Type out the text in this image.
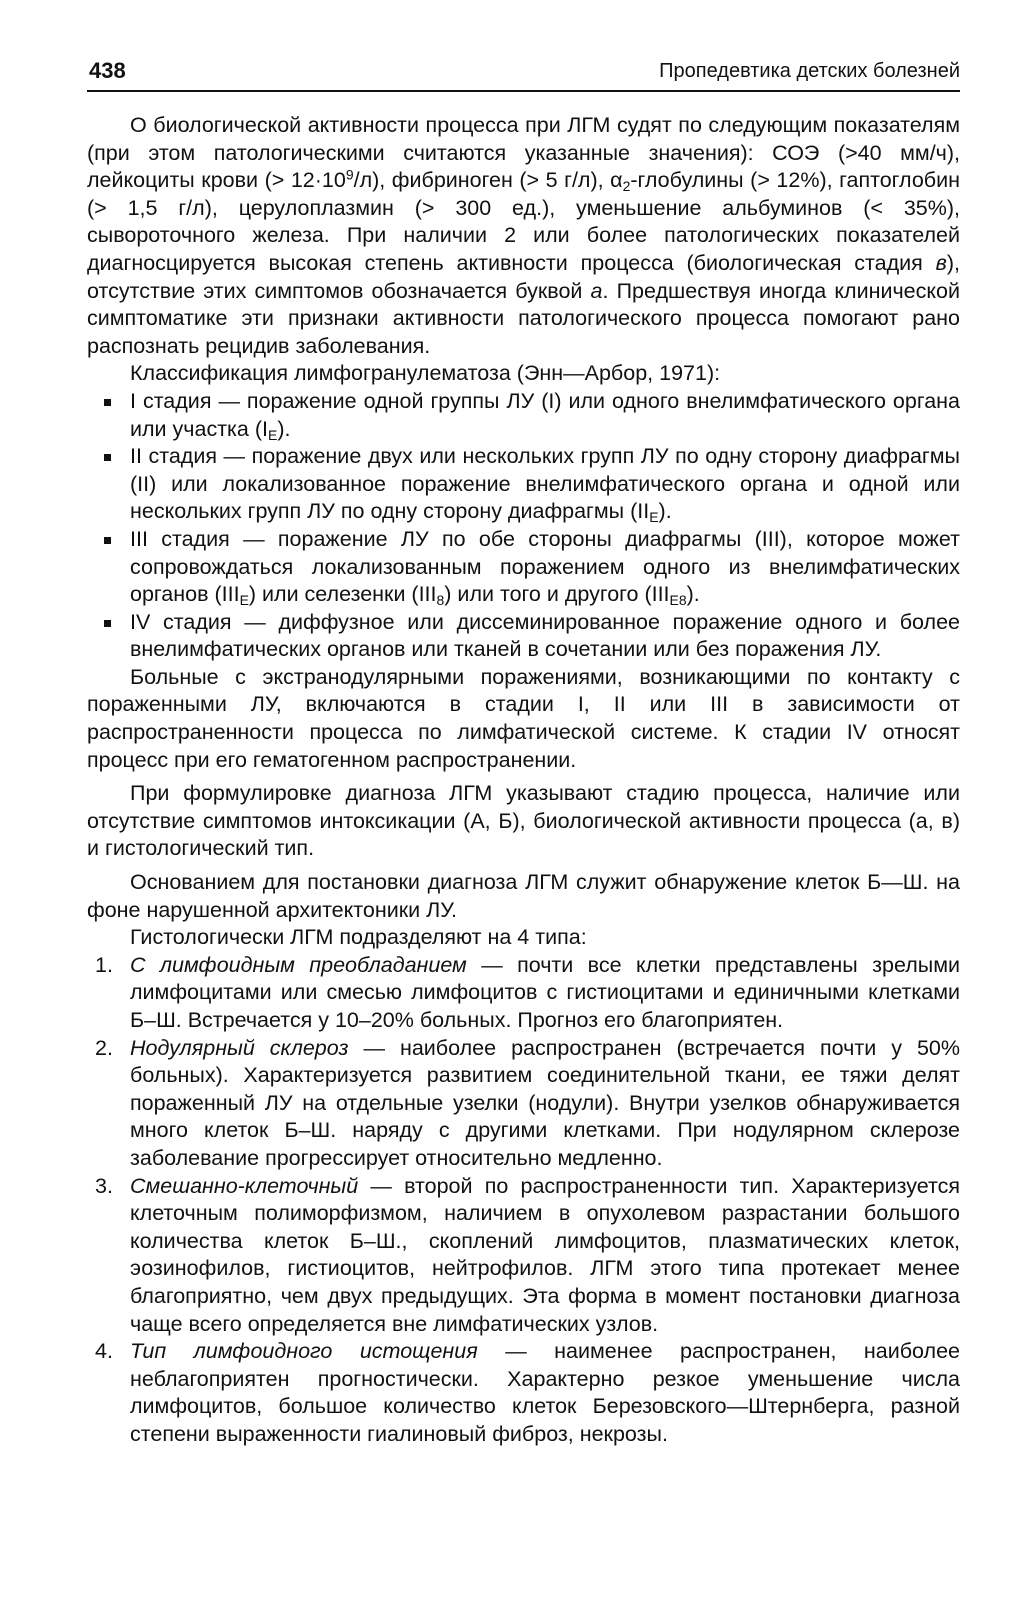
438	Пропедевтика детских болезней

О биологической активности процесса при ЛГМ судят по следующим показателям (при этом патологическими считаются указанные значения): СОЭ (>40 мм/ч), лейкоциты крови (> $12\cdot 10^9/л$), фибриноген (> 5 г/л), $\alpha_2$-глобулины (> 12%), гаптоглобин (> 1,5 г/л), церулоплазмин (> 300 ед.), уменьшение альбуминов (< 35%), сывороточного железа. При наличии 2 или более патологических показателей диагносцируется высокая степень активности процесса (биологическая стадия в), отсутствие этих симптомов обозначается буквой а. Предшествуя иногда клинической симптоматике эти признаки активности патологического процесса помогают рано распознать рецидив заболевания.

Классификация лимфогранулематоза (Энн—Арбор, 1971):

I стадия — поражение одной группы ЛУ (I) или одного внелимфатического органа или участка $(I_E)$.
II стадия — поражение двух или нескольких групп ЛУ по одну сторону диафрагмы (II) или локализованное поражение внелимфатического органа и одной или нескольких групп ЛУ по одну сторону диафрагмы $(II_E)$.
III стадия — поражение ЛУ по обе стороны диафрагмы (III), которое может сопровождаться локализованным поражением одного из внелимфатических органов $(III_E)$ или селезенки $(III_8)$ или того и другого $(III_{E8})$.
IV стадия — диффузное или диссеминированное поражение одного и более внелимфатических органов или тканей в сочетании или без поражения ЛУ.

Больные с экстранодулярными поражениями, возникающими по контакту с пораженными ЛУ, включаются в стадии I, II или III в зависимости от распространенности процесса по лимфатической системе. К стадии IV относят процесс при его гематогенном распространении.

При формулировке диагноза ЛГМ указывают стадию процесса, наличие или отсутствие симптомов интоксикации (А, Б), биологической активности процесса (а, в) и гистологический тип.

Основанием для постановки диагноза ЛГМ служит обнаружение клеток Б—Ш. на фоне нарушенной архитектоники ЛУ.

Гистологически ЛГМ подразделяют на 4 типа:

1. С лимфоидным преобладанием — почти все клетки представлены зрелыми лимфоцитами или смесью лимфоцитов с гистиоцитами и единичными клетками Б–Ш. Встречается у 10–20% больных. Прогноз его благоприятен.
2. Нодулярный склероз — наиболее распространен (встречается почти у 50% больных). Характеризуется развитием соединительной ткани, ее тяжи делят пораженный ЛУ на отдельные узелки (нодули). Внутри узелков обнаруживается много клеток Б–Ш. наряду с другими клетками. При нодулярном склерозе заболевание прогрессирует относительно медленно.
3. Смешанно-клеточный — второй по распространенности тип. Характеризуется клеточным полиморфизмом, наличием в опухолевом разрастании большого количества клеток Б–Ш., скоплений лимфоцитов, плазматических клеток, эозинофилов, гистиоцитов, нейтрофилов. ЛГМ этого типа протекает менее благоприятно, чем двух предыдущих. Эта форма в момент постановки диагноза чаще всего определяется вне лимфатических узлов.
4. Тип лимфоидного истощения — наименее распространен, наиболее неблагоприятен прогностически. Характерно резкое уменьшение числа лимфоцитов, большое количество клеток Березовского—Штернберга, разной степени выраженности гиалиновый фиброз, некрозы.
